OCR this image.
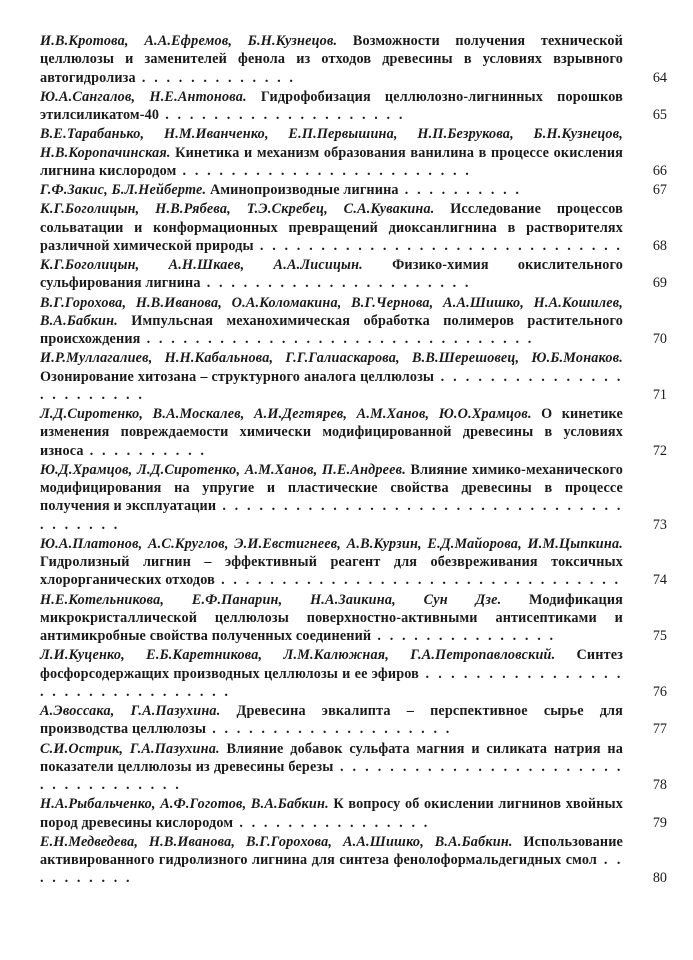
И.В.Кротова, А.А.Ефремов, Б.Н.Кузнецов. Возможности получения технической целлюлозы и заменителей фенола из отходов древесины в условиях взрывного автогидролиза . . . . . . . . . . . . .	64

Ю.А.Сангалов, Н.Е.Антонова. Гидрофобизация целлюлозно-лигнинных порошков этилсиликатом-40 . . . . . . . . . . . . . . . . . . . .	65

В.Е.Тарабанько, Н.М.Иванченко, Е.П.Первышина, Н.П.Безрукова, Б.Н.Кузнецов, Н.В.Коропачинская. Кинетика и механизм образования ванилина в процессе окисления лигнина кислородом . . . . . . . . . . . . . . . . . . . . . . . .	66

Г.Ф.Закис, Б.Л.Нейберте. Аминопроизводные лигнина . . . . . . . . . .	67

К.Г.Боголицын, Н.В.Рябева, Т.Э.Скребец, С.А.Кувакина. Исследование процессов сольватации и конформационных превращений диоксанлигнина в растворителях различной химической природы . . . . . . . . . . . . . . . . . . . . . . . . . . . . . .	68

К.Г.Боголицын, А.Н.Шкаев, А.А.Лисицын. Физико-химия окислительного сульфирования лигнина . . . . . . . . . . . . . . . . . . . . . .	69

В.Г.Горохова, Н.В.Иванова, О.А.Коломакина, В.Г.Чернова, А.А.Шишко, Н.А.Кошилев, В.А.Бабкин. Импульсная механохимическая обработка полимеров растительного происхождения . . . . . . . . . . . . . . . . . . . . . . . . . . . . . . . .	70

И.Р.Муллагалиев, Н.Н.Кабальнова, Г.Г.Галиаскарова, В.В.Шерешовец, Ю.Б.Монаков. Озонирование хитозана – структурного аналога целлюлозы . . . . . . . . . . . . . . . . . . . . . . . .	71

Л.Д.Сиротенко, В.А.Москалев, А.И.Дегтярев, А.М.Ханов, Ю.О.Храмцов. О кинетике изменения повреждаемости химически модифицированной древесины в условиях износа . . . . . . . . . .	72

Ю.Д.Храмцов, Л.Д.Сиротенко, А.М.Ханов, П.Е.Андреев. Влияние химико-механического модифицирования на упругие и пластические свойства древесины в процессе получения и эксплуатации . . . . . . . . . . . . . . . . . . . . . . . . . . . . . . . . . . . . . . . .	73

Ю.А.Платонов, А.С.Круглов, Э.И.Евстигнеев, А.В.Курзин, Е.Д.Майорова, И.М.Цыпкина. Гидролизный лигнин – эффективный реагент для обезвреживания токсичных хлорорганических отходов . . . . . . . . . . . . . . . . . . . . . . . . . . . . . . . . .	74

Н.Е.Котельникова, Е.Ф.Панарин, Н.А.Заикина, Сун Дзе. Модификация микрокристаллической целлюлозы поверхностно-активными антисептиками и антимикробные свойства полученных соединений . . . . . . . . . . . . . . .	75

Л.И.Куценко, Е.Б.Каретникова, Л.М.Калюжная, Г.А.Петропавловский. Синтез фосфорсодержащих производных целлюлозы и ее эфиров . . . . . . . . . . . . . . . . . . . . . . . . . . . . . . . .	76

А.Эвоссака, Г.А.Пазухина. Древесина эвкалипта – перспективное сырье для производства целлюлозы . . . . . . . . . . . . . . . . . . . .	77

С.И.Острик, Г.А.Пазухина. Влияние добавок сульфата магния и силиката натрия на показатели целлюлозы из древесины березы . . . . . . . . . . . . . . . . . . . . . . . . . . . . . . . . . . .	78

Н.А.Рыбальченко, А.Ф.Гоготов, В.А.Бабкин. К вопросу об окислении лигнинов хвойных пород древесины кислородом . . . . . . . . . . . . . . . .	79

Е.Н.Медведева, Н.В.Иванова, В.Г.Горохова, А.А.Шишко, В.А.Бабкин. Использование активированного гидролизного лигнина для синтеза фенолоформальдегидных смол . . . . . . . . . .	80
